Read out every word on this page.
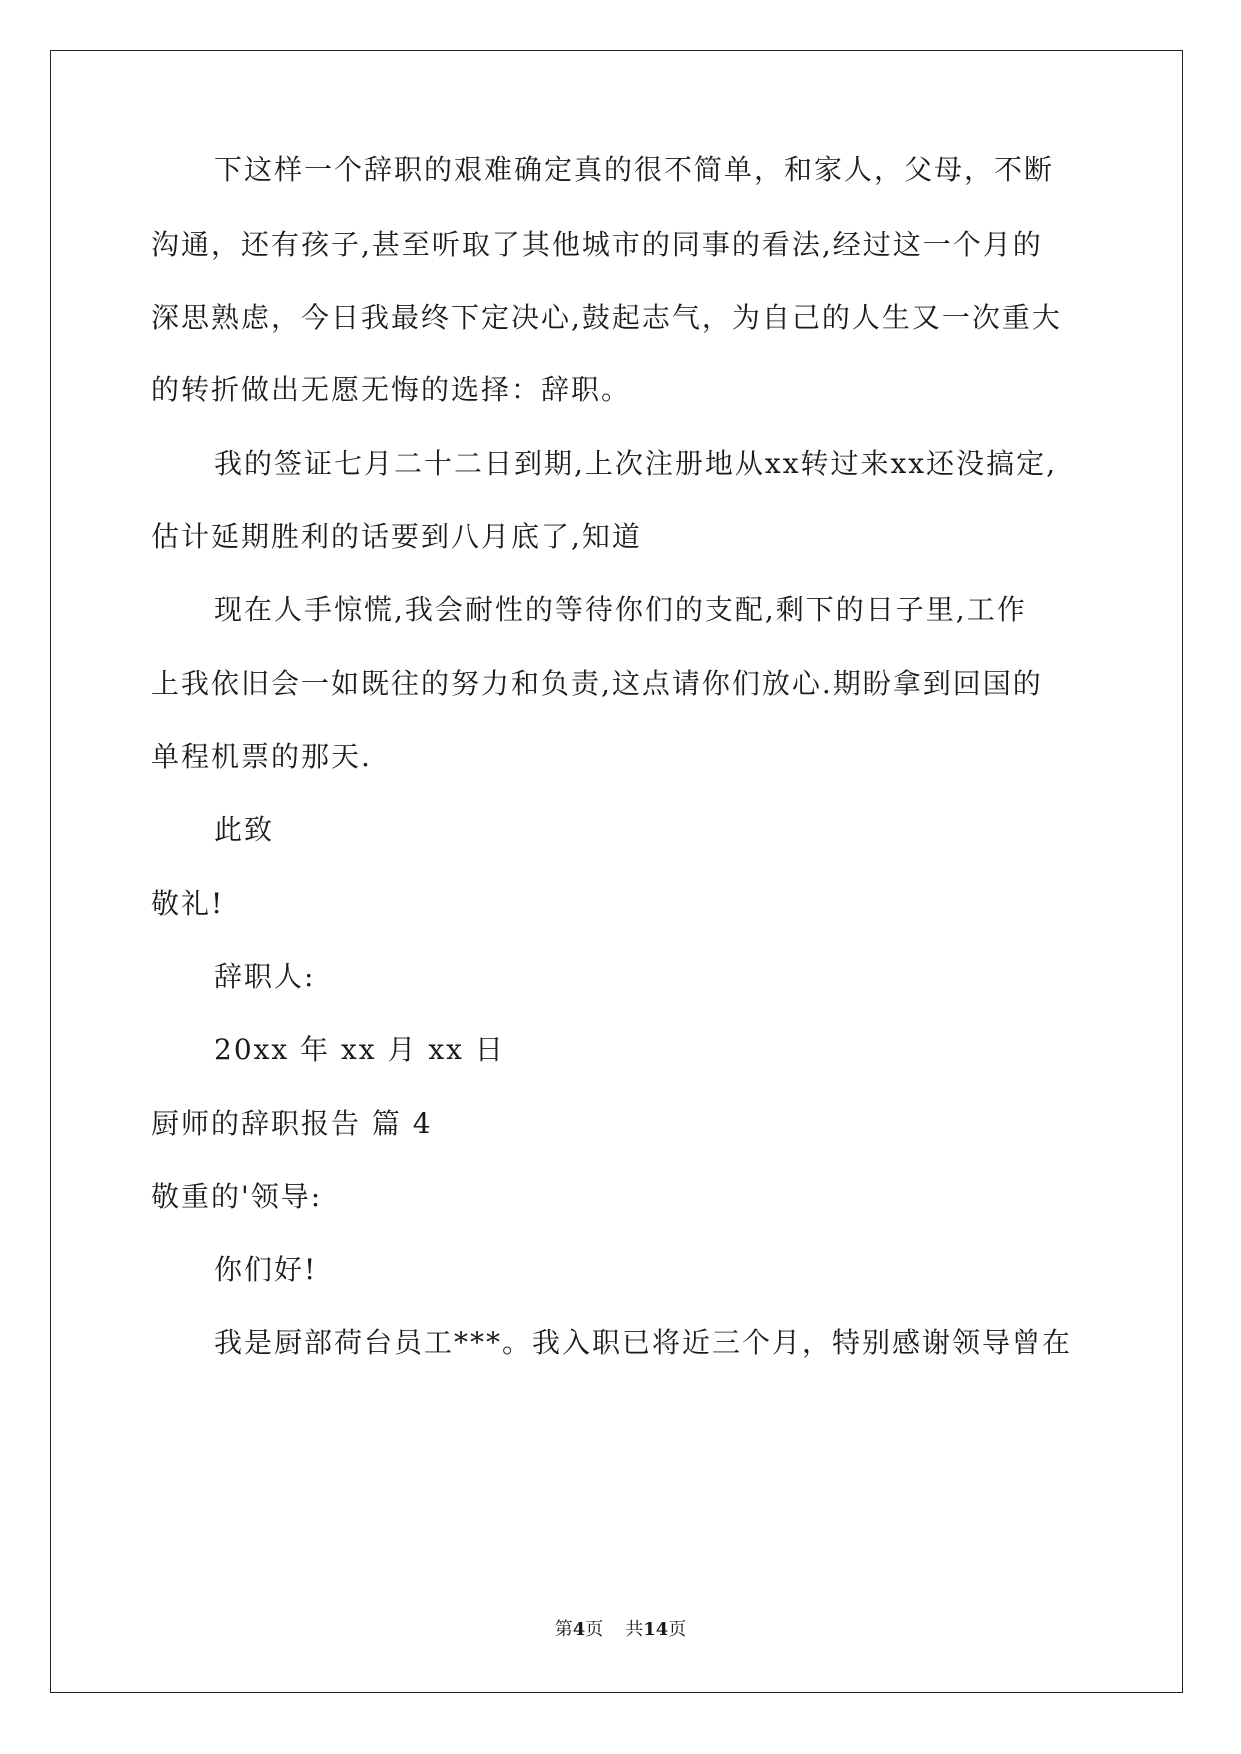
下这样一个辞职的艰难确定真的很不简单，和家人，父母，不断
沟通，还有孩子,甚至听取了其他城市的同事的看法,经过这一个月的
深思熟虑，今日我最终下定决心,鼓起志气，为自己的人生又一次重大
的转折做出无愿无悔的选择：辞职。
我的签证七月二十二日到期,上次注册地从xx转过来xx还没搞定,
估计延期胜利的话要到八月底了,知道
现在人手惊慌,我会耐性的等待你们的支配,剩下的日子里,工作
上我依旧会一如既往的努力和负责,这点请你们放心.期盼拿到回国的
单程机票的那天.
此致
敬礼!
辞职人:
20xx 年 xx 月 xx 日
厨师的辞职报告 篇 4
敬重的'领导:
你们好!
我是厨部荷台员工***。我入职已将近三个月，特别感谢领导曾在
第4页 共14页
